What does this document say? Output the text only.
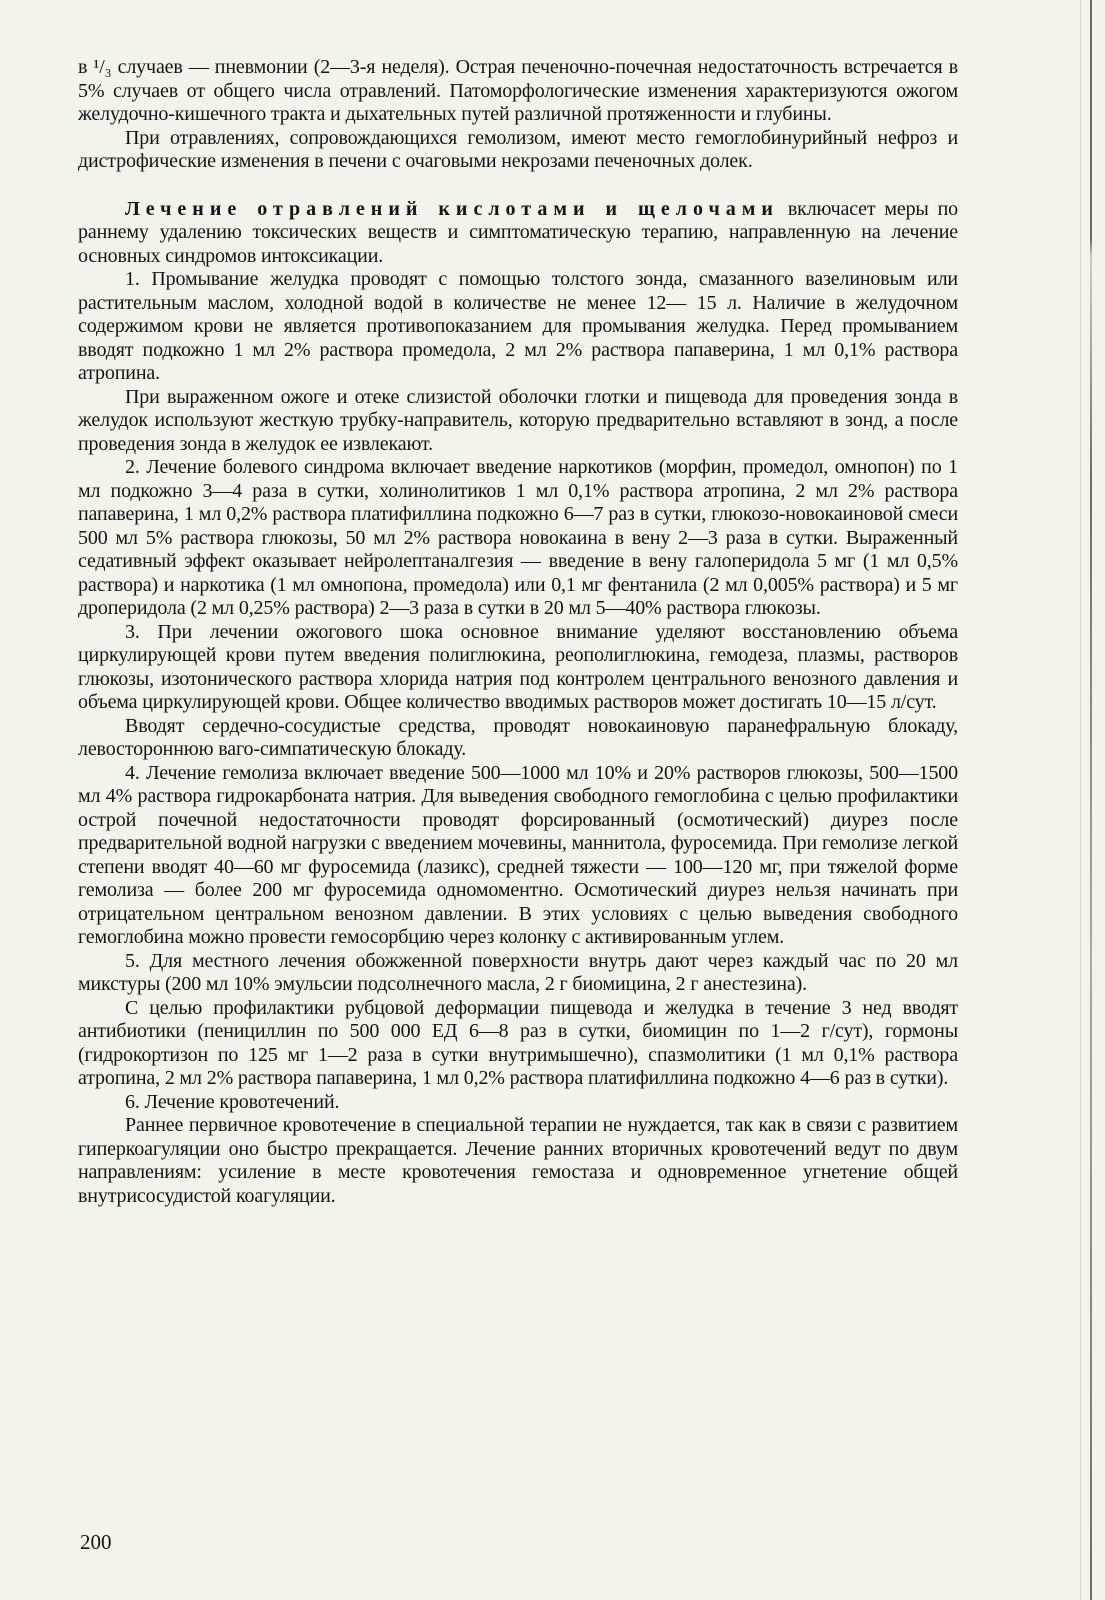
в ¹/₃ случаев — пневмонии (2—3-я неделя). Острая печеночно-почечная недостаточность встречается в 5% случаев от общего числа отравлений. Патоморфологические изменения характеризуются ожогом желудочно-кишечного тракта и дыхательных путей различной протяженности и глубины.

При отравлениях, сопровождающихся гемолизом, имеют место гемоглобинурийный нефроз и дистрофические изменения в печени с очаговыми некрозами печеночных долек.

Лечение отравлений кислотами и щелочами включасет меры по раннему удалению токсических веществ и симптоматическую терапию, направленную на лечение основных синдромов интоксикации.

1. Промывание желудка проводят с помощью толстого зонда, смазанного вазелиновым или растительным маслом, холодной водой в количестве не менее 12— 15 л. Наличие в желудочном содержимом крови не является противопоказанием для промывания желудка. Перед промыванием вводят подкожно 1 мл 2% раствора промедола, 2 мл 2% раствора папаверина, 1 мл 0,1% раствора атропина.

При выраженном ожоге и отеке слизистой оболочки глотки и пищевода для проведения зонда в желудок используют жесткую трубку-направитель, которую предварительно вставляют в зонд, а после проведения зонда в желудок ее извлекают.

2. Лечение болевого синдрома включает введение наркотиков (морфин, промедол, омнопон) по 1 мл подкожно 3—4 раза в сутки, холинолитиков 1 мл 0,1% раствора атропина, 2 мл 2% раствора папаверина, 1 мл 0,2% раствора платифиллина подкожно 6—7 раз в сутки, глюкозо-новокаиновой смеси 500 мл 5% раствора глюкозы, 50 мл 2% раствора новокаина в вену 2—3 раза в сутки. Выраженный седативный эффект оказывает нейролептаналгезия — введение в вену галоперидола 5 мг (1 мл 0,5% раствора) и наркотика (1 мл омнопона, промедола) или 0,1 мг фентанила (2 мл 0,005% раствора) и 5 мг дроперидола (2 мл 0,25% раствора) 2—3 раза в сутки в 20 мл 5—40% раствора глюкозы.

3. При лечении ожогового шока основное внимание уделяют восстановлению объема циркулирующей крови путем введения полиглюкина, реополиглюкина, гемодеза, плазмы, растворов глюкозы, изотонического раствора хлорида натрия под контролем центрального венозного давления и объема циркулирующей крови. Общее количество вводимых растворов может достигать 10—15 л/сут.

Вводят сердечно-сосудистые средства, проводят новокаиновую паранефральную блокаду, левостороннюю ваго-симпатическую блокаду.

4. Лечение гемолиза включает введение 500—1000 мл 10% и 20% растворов глюкозы, 500—1500 мл 4% раствора гидрокарбоната натрия. Для выведения свободного гемоглобина с целью профилактики острой почечной недостаточности проводят форсированный (осмотический) диурез после предварительной водной нагрузки с введением мочевины, маннитола, фуросемида. При гемолизе легкой степени вводят 40—60 мг фуросемида (лазикс), средней тяжести — 100—120 мг, при тяжелой форме гемолиза — более 200 мг фуросемида одномоментно. Осмотический диурез нельзя начинать при отрицательном центральном венозном давлении. В этих условиях с целью выведения свободного гемоглобина можно провести гемосорбцию через колонку с активированным углем.

5. Для местного лечения обожженной поверхности внутрь дают через каждый час по 20 мл микстуры (200 мл 10% эмульсии подсолнечного масла, 2 г биомицина, 2 г анестезина).

С целью профилактики рубцовой деформации пищевода и желудка в течение 3 нед вводят антибиотики (пенициллин по 500 000 ЕД 6—8 раз в сутки, биомицин по 1—2 г/сут), гормоны (гидрокортизон по 125 мг 1—2 раза в сутки внутримышечно), спазмолитики (1 мл 0,1% раствора атропина, 2 мл 2% раствора папаверина, 1 мл 0,2% раствора платифиллина подкожно 4—6 раз в сутки).

6. Лечение кровотечений.

Раннее первичное кровотечение в специальной терапии не нуждается, так как в связи с развитием гиперкоагуляции оно быстро прекращается. Лечение ранних вторичных кровотечений ведут по двум направлениям: усиление в месте кровотечения гемостаза и одновременное угнетение общей внутрисосудистой коагуляции.

200
